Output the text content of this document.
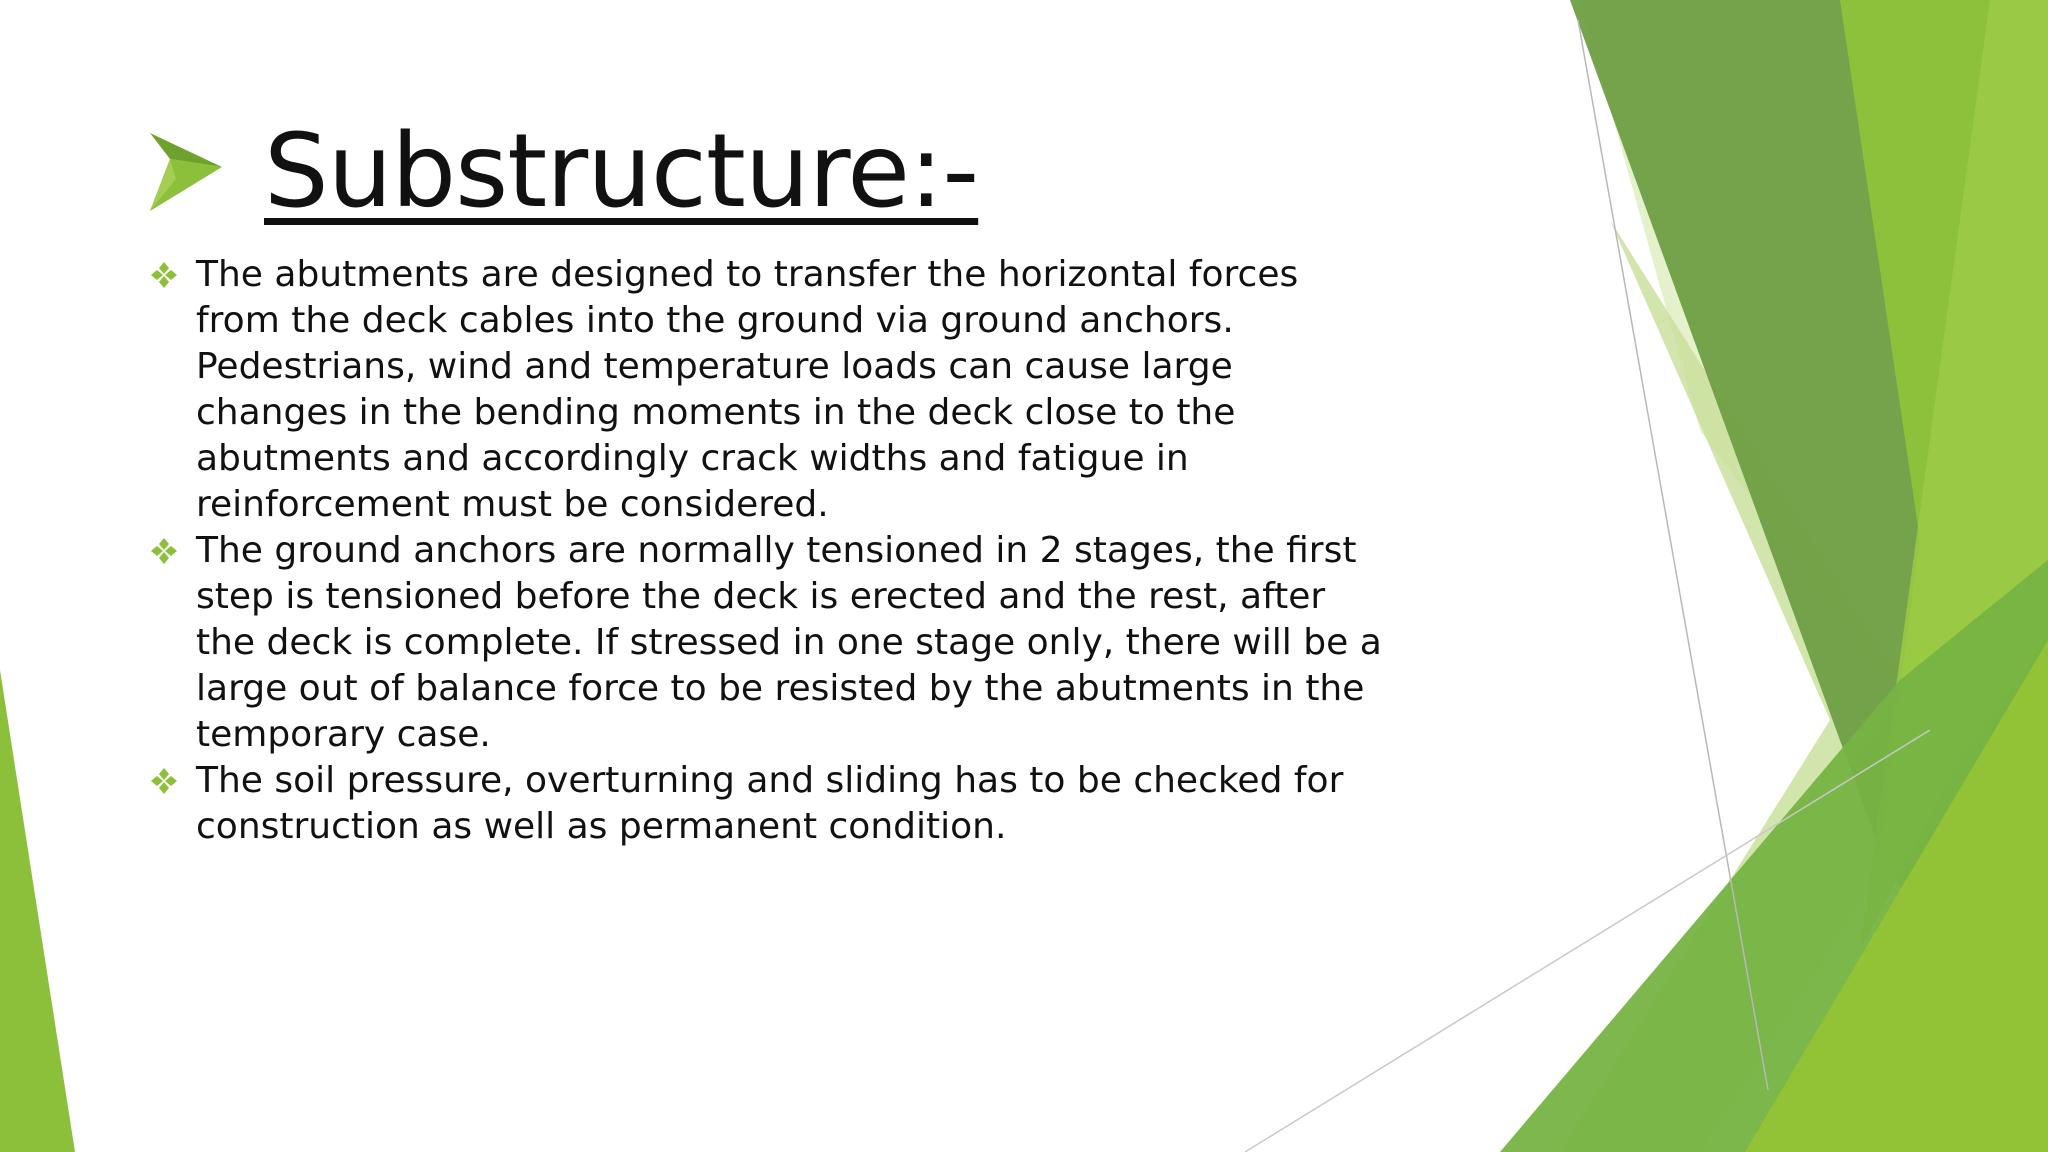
Substructure:-
The abutments are designed to transfer the horizontal forces from the deck cables into the ground via ground anchors. Pedestrians, wind and temperature loads can cause large changes in the bending moments in the deck close to the abutments and accordingly crack widths and fatigue in reinforcement must be considered.
The ground anchors are normally tensioned in 2 stages, the first step is tensioned before the deck is erected and the rest, after the deck is complete. If stressed in one stage only, there will be a large out of balance force to be resisted by the abutments in the temporary case.
The soil pressure, overturning and sliding has to be checked for construction as well as permanent condition.
